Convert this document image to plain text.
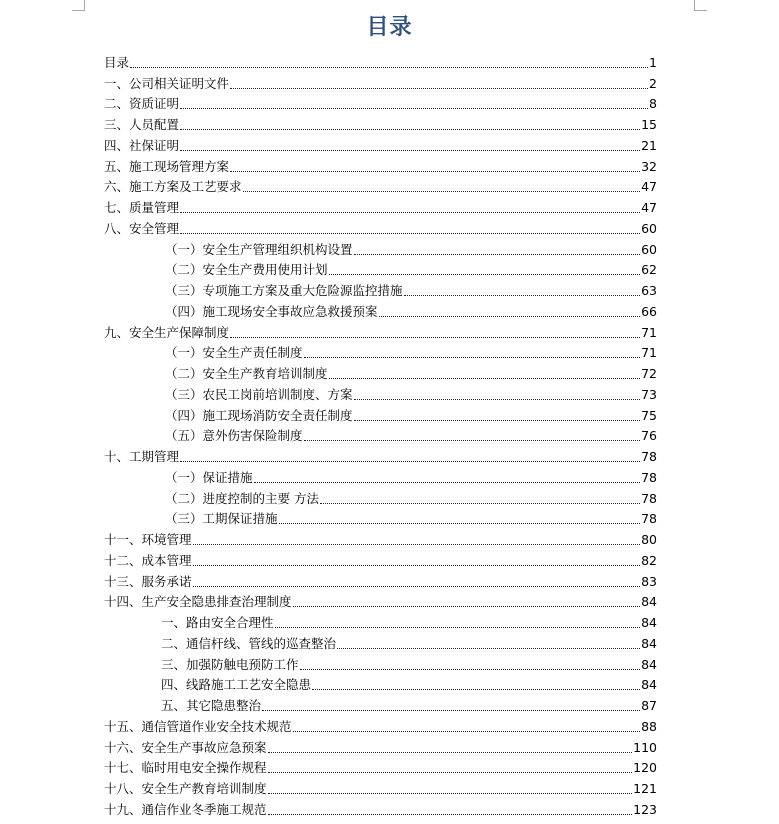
目录
目录	1
一、公司相关证明文件	2
二、资质证明	8
三、人员配置	15
四、社保证明	21
五、施工现场管理方案	32
六、施工方案及工艺要求	47
七、质量管理	47
八、安全管理	60
（一）安全生产管理组织机构设置	60
（二）安全生产费用使用计划	62
（三）专项施工方案及重大危险源监控措施	63
（四）施工现场安全事故应急救援预案	66
九、安全生产保障制度	71
（一）安全生产责任制度	71
（二）安全生产教育培训制度	72
（三）农民工岗前培训制度、方案	73
（四）施工现场消防安全责任制度	75
（五）意外伤害保险制度	76
十、工期管理	78
（一）保证措施	78
（二）进度控制的主要 方法	78
（三）工期保证措施	78
十一、环境管理	80
十二、成本管理	82
十三、服务承诺	83
十四、生产安全隐患排查治理制度	84
一、路由安全合理性	84
二、通信杆线、管线的巡查整治	84
三、加强防触电预防工作	84
四、线路施工工艺安全隐患	84
五、其它隐患整治	87
十五、通信管道作业安全技术规范	88
十六、安全生产事故应急预案	110
十七、临时用电安全操作规程	120
十八、安全生产教育培训制度	121
十九、通信作业冬季施工规范	123
